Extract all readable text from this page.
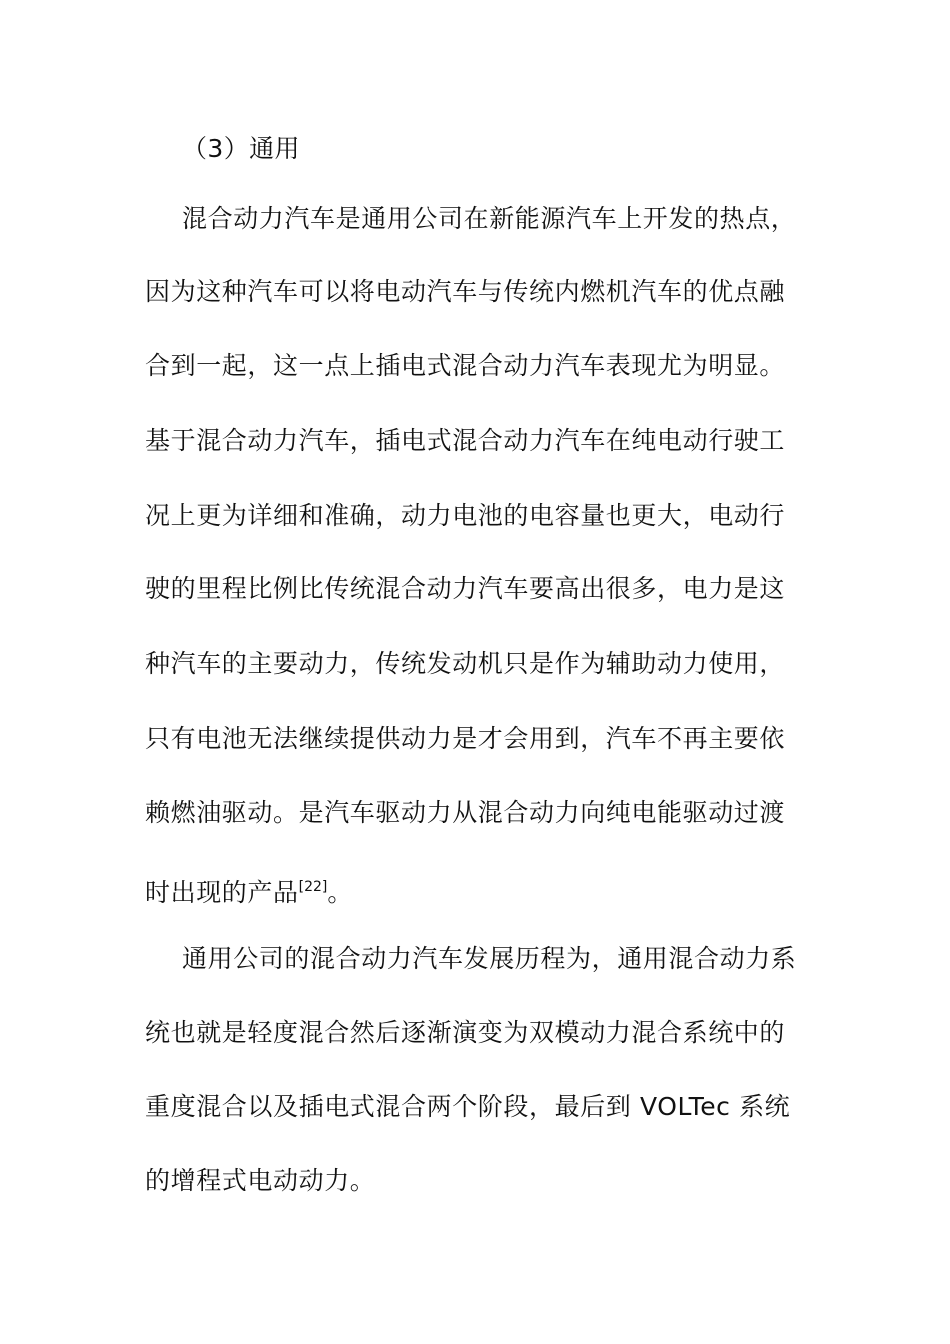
（3）通用
混合动力汽车是通用公司在新能源汽车上开发的热点，
因为这种汽车可以将电动汽车与传统内燃机汽车的优点融
合到一起，这一点上插电式混合动力汽车表现尤为明显。
基于混合动力汽车，插电式混合动力汽车在纯电动行驶工
况上更为详细和准确，动力电池的电容量也更大，电动行
驶的里程比例比传统混合动力汽车要高出很多，电力是这
种汽车的主要动力，传统发动机只是作为辅助动力使用，
只有电池无法继续提供动力是才会用到，汽车不再主要依
赖燃油驱动。是汽车驱动力从混合动力向纯电能驱动过渡
时出现的产品[22]。
通用公司的混合动力汽车发展历程为，通用混合动力系
统也就是轻度混合然后逐渐演变为双模动力混合系统中的
重度混合以及插电式混合两个阶段，最后到 VOLTec 系统
的增程式电动动力。
